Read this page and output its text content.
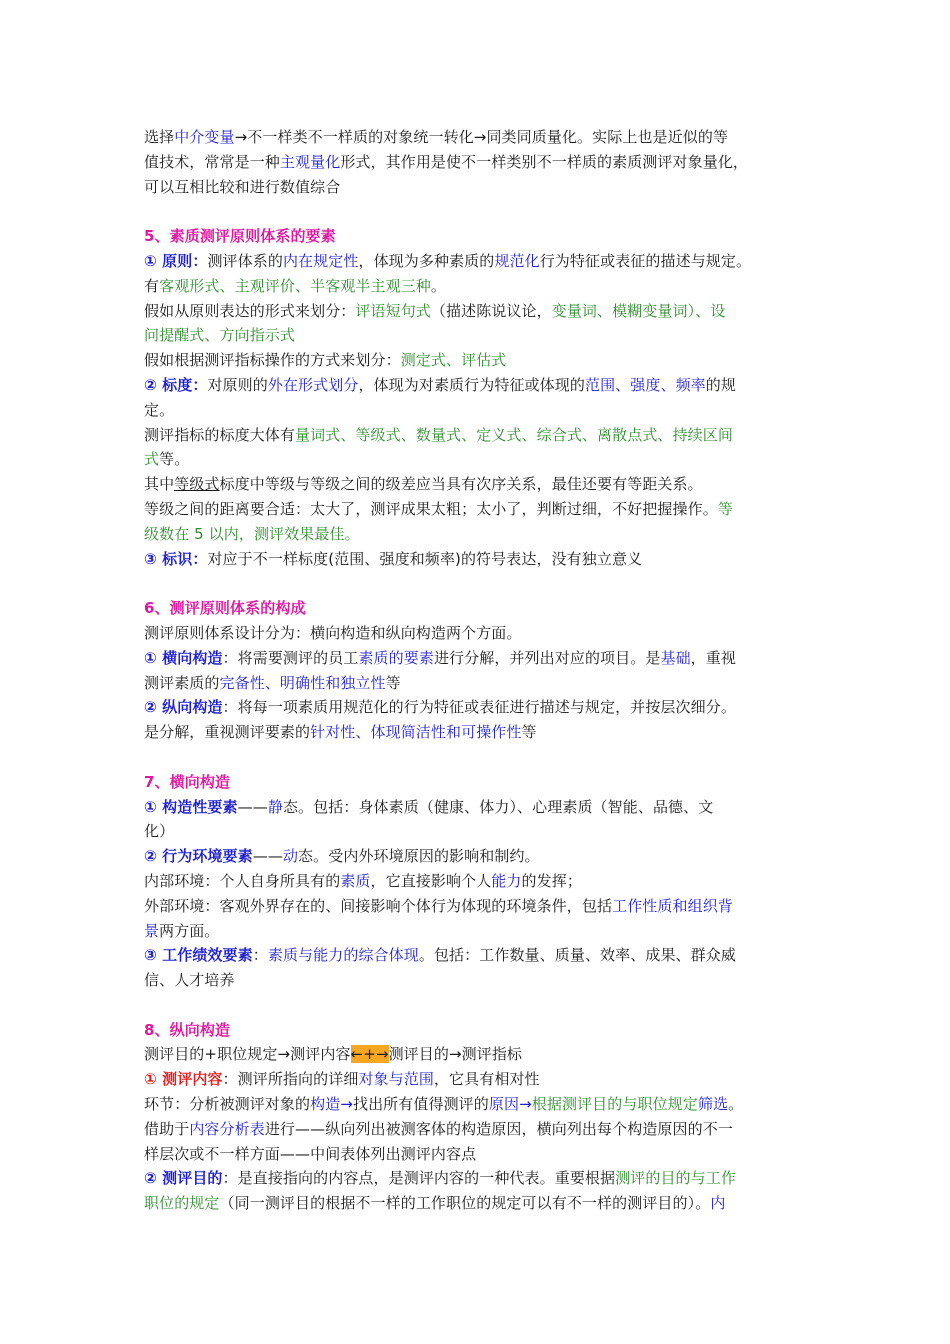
选择中介变量→不一样类不一样质的对象统一转化→同类同质量化。实际上也是近似的等
值技术，常常是一种主观量化形式，其作用是使不一样类别不一样质的素质测评对象量化，
可以互相比较和进行数值综合
5、素质测评原则体系的要素
① 原则：测评体系的内在规定性，体现为多种素质的规范化行为特征或表征的描述与规定。
有客观形式、主观评价、半客观半主观三种。
假如从原则表达的形式来划分：评语短句式（描述陈说议论，变量词、模糊变量词）、设
问提醒式、方向指示式
假如根据测评指标操作的方式来划分：测定式、评估式
② 标度：对原则的外在形式划分，体现为对素质行为特征或体现的范围、强度、频率的规
定。
测评指标的标度大体有量词式、等级式、数量式、定义式、综合式、离散点式、持续区间
式等。
其中等级式标度中等级与等级之间的级差应当具有次序关系，最佳还要有等距关系。
等级之间的距离要合适：太大了，测评成果太粗；太小了，判断过细，不好把握操作。等
级数在 5 以内，测评效果最佳。
③ 标识：对应于不一样标度(范围、强度和频率)的符号表达，没有独立意义
6、测评原则体系的构成
测评原则体系设计分为：横向构造和纵向构造两个方面。
① 横向构造：将需要测评的员工素质的要素进行分解，并列出对应的项目。是基础，重视
测评素质的完备性、明确性和独立性等
② 纵向构造：将每一项素质用规范化的行为特征或表征进行描述与规定，并按层次细分。
是分解，重视测评要素的针对性、体现简洁性和可操作性等
7、横向构造
① 构造性要素——静态。包括：身体素质（健康、体力）、心理素质（智能、品德、文
化）
② 行为环境要素——动态。受内外环境原因的影响和制约。
内部环境：个人自身所具有的素质，它直接影响个人能力的发挥；
外部环境：客观外界存在的、间接影响个体行为体现的环境条件，包括工作性质和组织背
景两方面。
③ 工作绩效要素：素质与能力的综合体现。包括：工作数量、质量、效率、成果、群众威
信、人才培养
8、纵向构造
测评目的+职位规定→测评内容←+→测评目的→测评指标
① 测评内容：测评所指向的详细对象与范围，它具有相对性
环节：分析被测评对象的构造→找出所有值得测评的原因→根据测评目的与职位规定筛选。
借助于内容分析表进行——纵向列出被测客体的构造原因，横向列出每个构造原因的不一
样层次或不一样方面——中间表体列出测评内容点
② 测评目的：是直接指向的内容点，是测评内容的一种代表。重要根据测评的目的与工作
职位的规定（同一测评目的根据不一样的工作职位的规定可以有不一样的测评目的）。内
